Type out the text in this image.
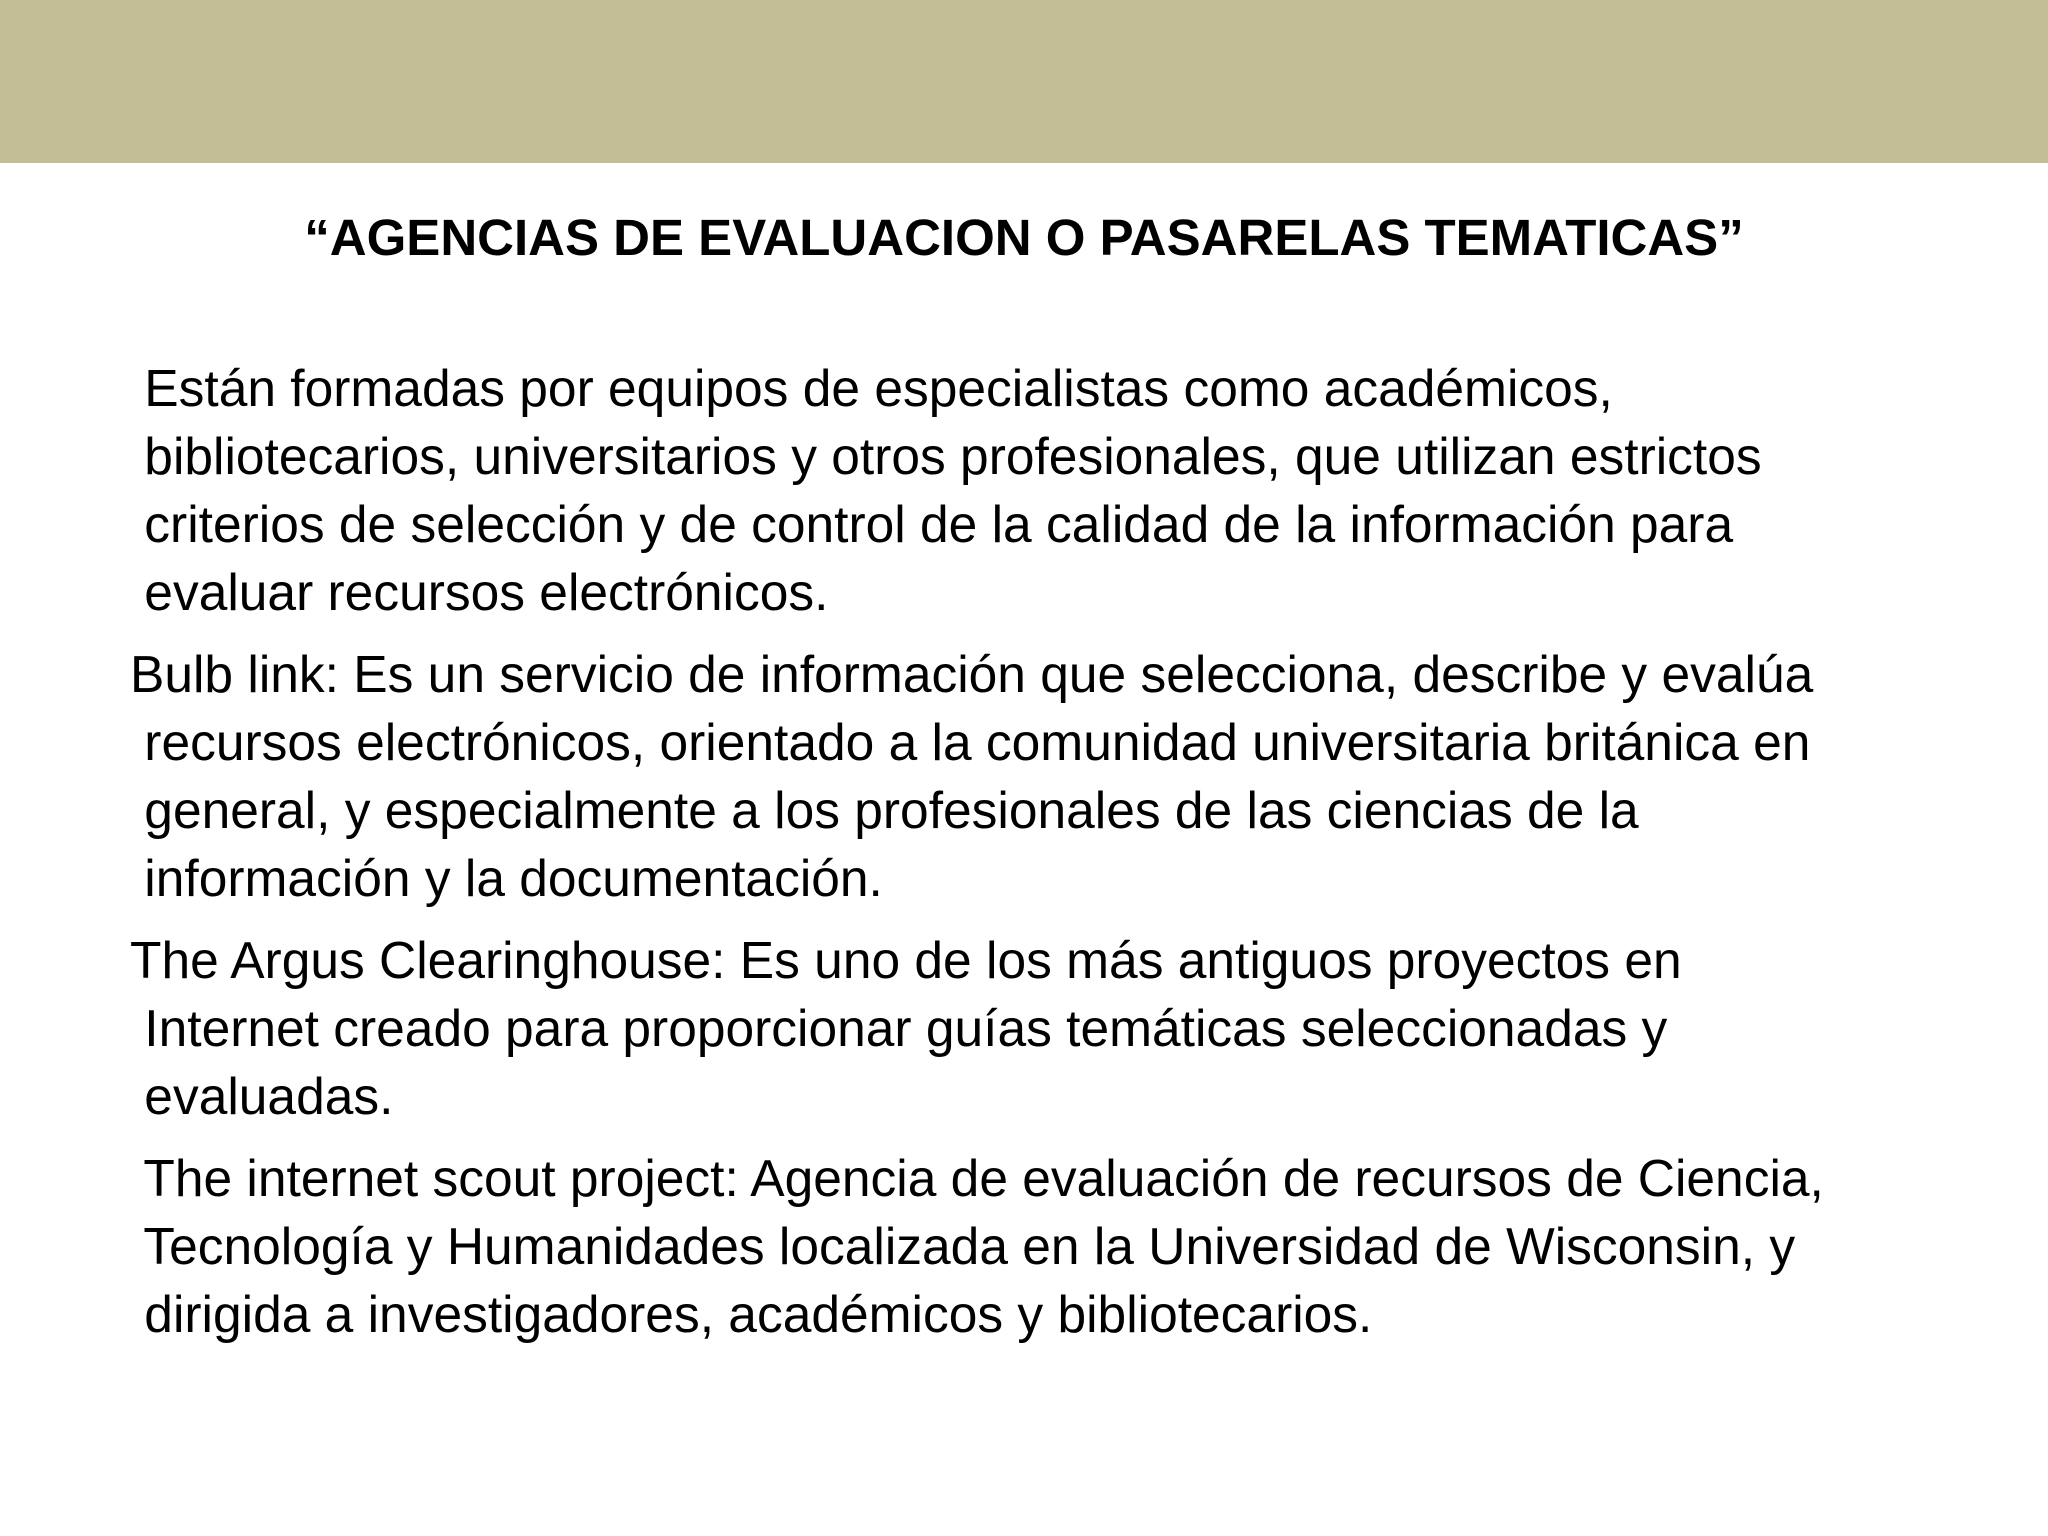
“AGENCIAS DE EVALUACION O PASARELAS TEMATICAS”

Están formadas por equipos de especialistas como académicos,

bibliotecarios, universitarios y otros profesionales, que utilizan estrictos

criterios de selección y de control de la calidad de la información para

evaluar recursos electrónicos.

Bulb link: Es un servicio de información que selecciona, describe y evalúa

recursos electrónicos, orientado a la comunidad universitaria británica en

general, y especialmente a los profesionales de las ciencias de la

información y la documentación.

The Argus Clearinghouse: Es uno de los más antiguos proyectos en

Internet creado para proporcionar guías temáticas seleccionadas y

evaluadas.

The internet scout project: Agencia de evaluación de recursos de Ciencia,

Tecnología y Humanidades localizada en la Universidad de Wisconsin, y

dirigida a investigadores, académicos y bibliotecarios.
